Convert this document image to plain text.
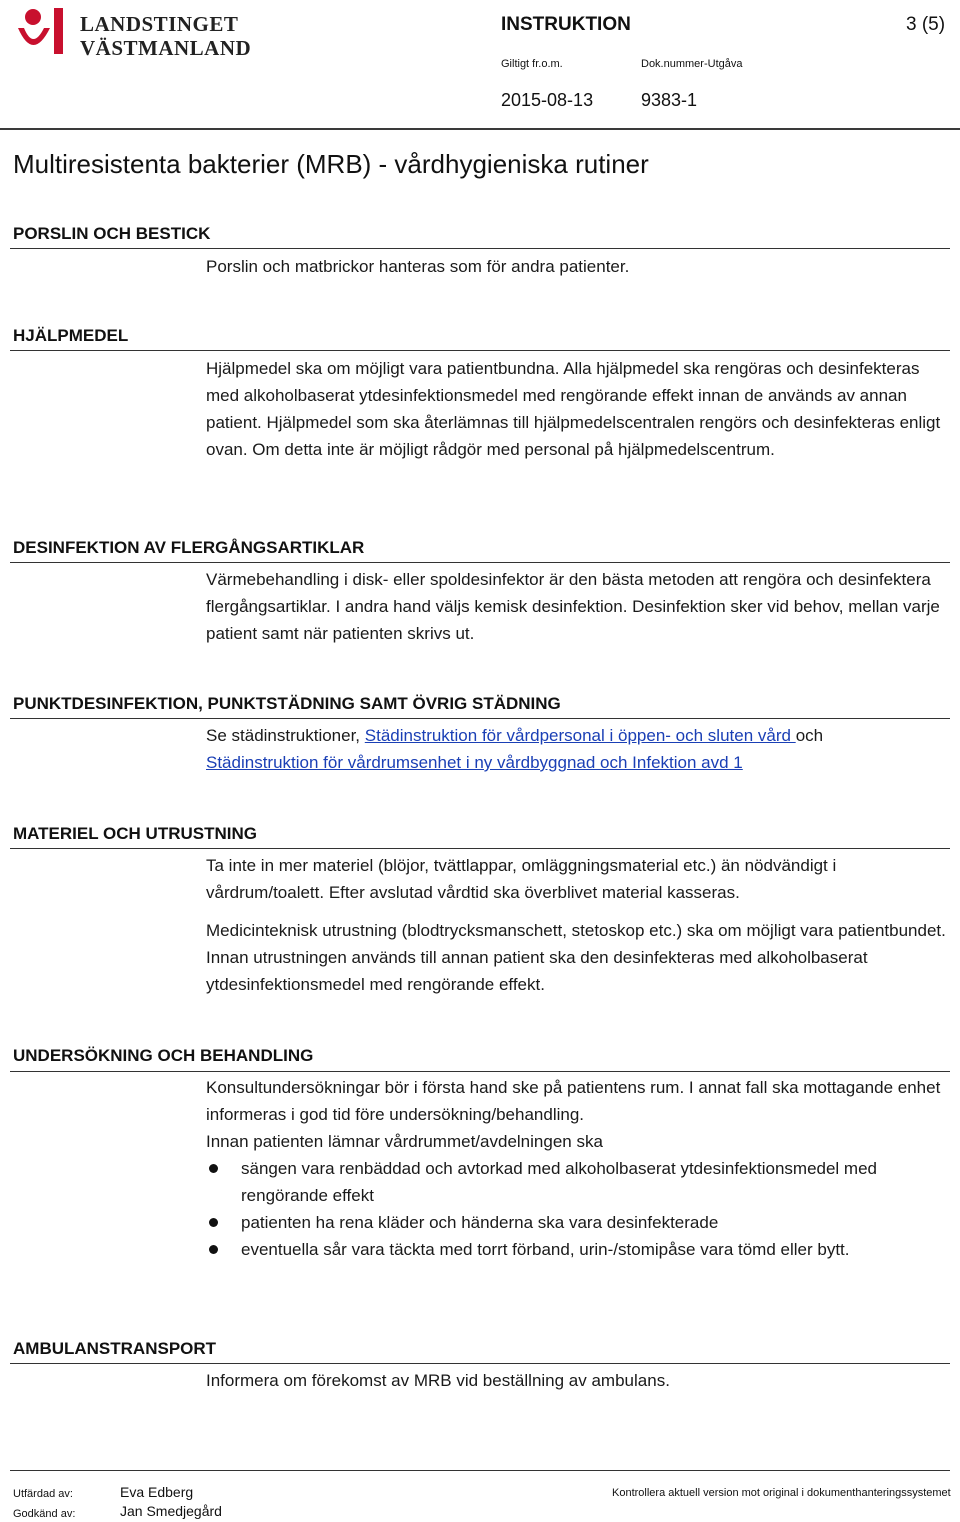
LANDSTINGET
VÄSTMANLAND
INSTRUKTION	3 (5)
Giltigt fr.o.m.	Dok.nummer-Utgåva
2015-08-13	9383-1
Multiresistenta bakterier (MRB) - vårdhygieniska rutiner
PORSLIN OCH BESTICK

Porslin och matbrickor hanteras som för andra patienter.

HJÄLPMEDEL

Hjälpmedel ska om möjligt vara patientbundna. Alla hjälpmedel ska rengöras och desinfekteras med alkoholbaserat ytdesinfektionsmedel med rengörande effekt innan de används av annan patient. Hjälpmedel som ska återlämnas till hjälpmedelscentralen rengörs och desinfekteras enligt ovan. Om detta inte är möjligt rådgör med personal på hjälpmedelscentrum.

DESINFEKTION AV FLERGÅNGSARTIKLAR

Värmebehandling i disk- eller spoldesinfektor är den bästa metoden att rengöra och desinfektera flergångsartiklar. I andra hand väljs kemisk desinfektion. Desinfektion sker vid behov, mellan varje patient samt när patienten skrivs ut.

PUNKTDESINFEKTION, PUNKTSTÄDNING SAMT ÖVRIG STÄDNING

Se städinstruktioner, Städinstruktion för vårdpersonal i öppen- och sluten vård och
Städinstruktion för vårdrumsenhet i ny vårdbyggnad och Infektion avd 1

MATERIEL OCH UTRUSTNING

Ta inte in mer materiel (blöjor, tvättlappar, omläggningsmaterial etc.) än nödvändigt i vårdrum/toalett. Efter avslutad vårdtid ska överblivet material kasseras.

Medicinteknisk utrustning (blodtrycksmanschett, stetoskop etc.) ska om möjligt vara patientbundet. Innan utrustningen används till annan patient ska den desinfekteras med alkoholbaserat ytdesinfektionsmedel med rengörande effekt.

UNDERSÖKNING OCH BEHANDLING

Konsultundersökningar bör i första hand ske på patientens rum. I annat fall ska mottagande enhet informeras i god tid före undersökning/behandling.

Innan patienten lämnar vårdrummet/avdelningen ska

sängen vara renbäddad och avtorkad med alkoholbaserat ytdesinfektionsmedel med rengörande effekt
patienten ha rena kläder och händerna ska vara desinfekterade
eventuella sår vara täckta med torrt förband, urin-/stomipåse vara tömd eller bytt.
AMBULANSTRANSPORT

Informera om förekomst av MRB vid beställning av ambulans.

Utfärdad av:	Eva Edberg
Godkänd av:	Jan Smedjegård
Kontrollera aktuell version mot original i dokumenthanteringssystemet
